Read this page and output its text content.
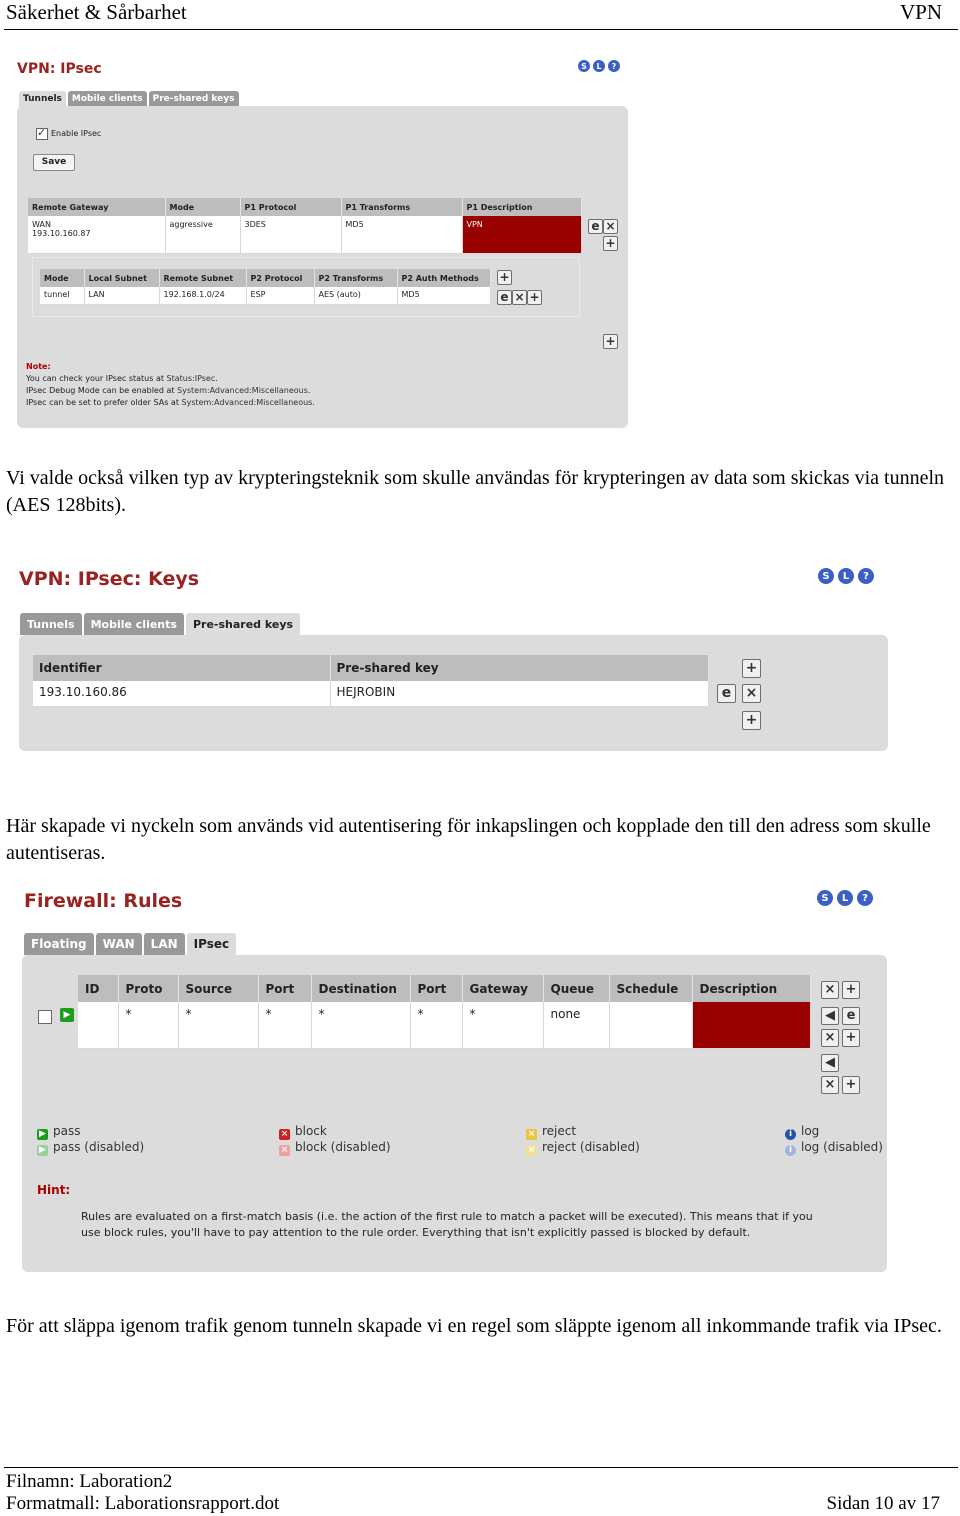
Säkerhet & Sårbarhet	VPN
VPN: IPsec	S	L	?
Tunnels	Mobile clients	Pre-shared keys
✓
Enable IPsec
Save
Remote Gateway	Mode	P1 Protocol	P1 Transforms	P1 Description

WAN
193.10.160.87	aggressive	3DES	MD5	VPN	e ×
+
Mode	Local Subnet	Remote Subnet	P2 Protocol	P2 Transforms	P2 Auth Methods
tunnel	LAN	192.168.1.0/24	ESP	AES (auto)	MD5
+
e × +
+
Note:
You can check your IPsec status at Status:IPsec.
IPsec Debug Mode can be enabled at System:Advanced:Miscellaneous.
IPsec can be set to prefer older SAs at System:Advanced:Miscellaneous.
Vi valde också vilken typ av krypteringsteknik som skulle användas för krypteringen av data som skickas via tunneln (AES 128bits).
VPN: IPsec: Keys	S	L	?
Tunnels	Mobile clients	Pre-shared keys
Identifier	Pre-shared key
193.10.160.86	HEJROBIN
+
e	×
+
Här skapade vi nyckeln som används vid autentisering för inkapslingen och kopplade den till den adress som skulle autentiseras.
Firewall: Rules	S	L	?
Floating	WAN	LAN	IPsec
▶
ID	Proto	Source	Port	Destination	Port	Gateway	Queue	Schedule	Description
	*	*	*	*	*	*	none		
× +
◀ e
× +
◀
× +
▶ pass
▶ pass (disabled)
× block
× block (disabled)
× reject
× reject (disabled)
i log
i log (disabled)
Hint:
Rules are evaluated on a first-match basis (i.e. the action of the first rule to match a packet will be executed). This means that if you
use block rules, you'll have to pay attention to the rule order. Everything that isn't explicitly passed is blocked by default.
För att släppa igenom trafik genom tunneln skapade vi en regel som släppte igenom all inkommande trafik via IPsec.
Filnamn: Laboration2
Formatmall: Laborationsrapport.dot	Sidan 10 av 17
